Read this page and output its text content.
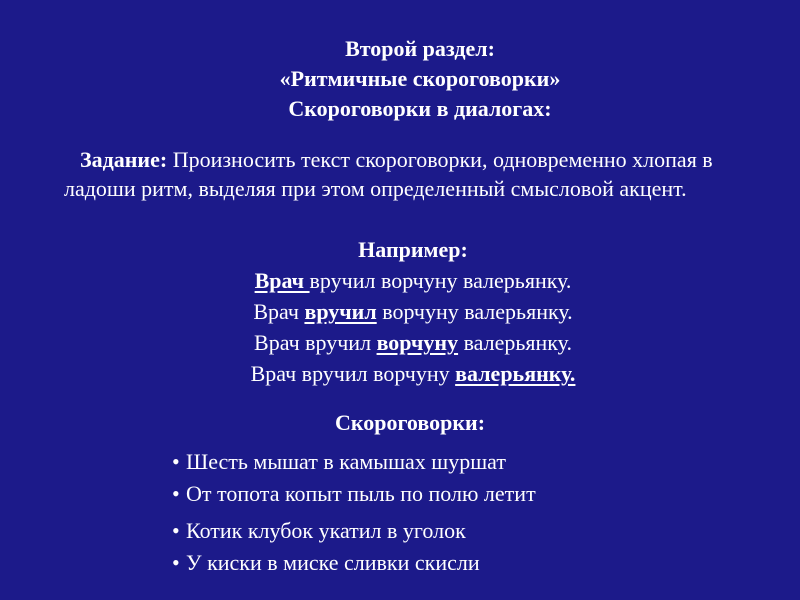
Второй раздел:
«Ритмичные скороговорки»
Скороговорки в диалогах:
Задание: Произносить текст скороговорки, одновременно хлопая в ладоши ритм, выделяя при этом определенный смысловой акцент.
Например:
Врач вручил ворчуну валерьянку.
Врач вручил ворчуну валерьянку.
Врач вручил ворчуну валерьянку.
Врач вручил ворчуну валерьянку.
Скороговорки:
• Шесть мышат в камышах шуршат
• От топота копыт пыль по полю летит
• Котик клубок укатил в уголок
• У киски в миске сливки скисли
